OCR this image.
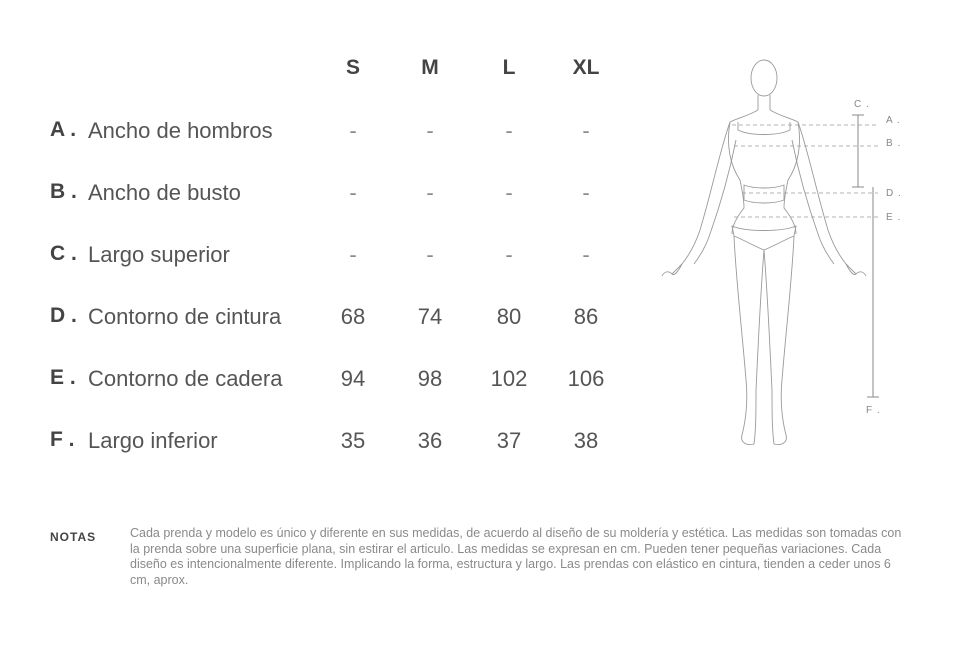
S	M	L	XL
A . Ancho de hombros	-	-	-	-
B . Ancho de busto	-	-	-	-
C . Largo superior	-	-	-	-
D . Contorno de cintura	68	74	80	86
E . Contorno de cadera	94	98	102	106
F . Largo inferior	35	36	37	38
C .
A .
B .
D .
E .
F .
NOTAS	Cada prenda y modelo es único y diferente en sus medidas, de acuerdo al diseño de su moldería y estética. Las medidas son tomadas con la prenda sobre una superficie plana, sin estirar el articulo. Las medidas se expresan en cm. Pueden tener pequeñas variaciones. Cada diseño es intencionalmente diferente. Implicando la forma, estructura y largo. Las prendas con elástico en cintura, tienden a ceder unos 6 cm, aprox.
